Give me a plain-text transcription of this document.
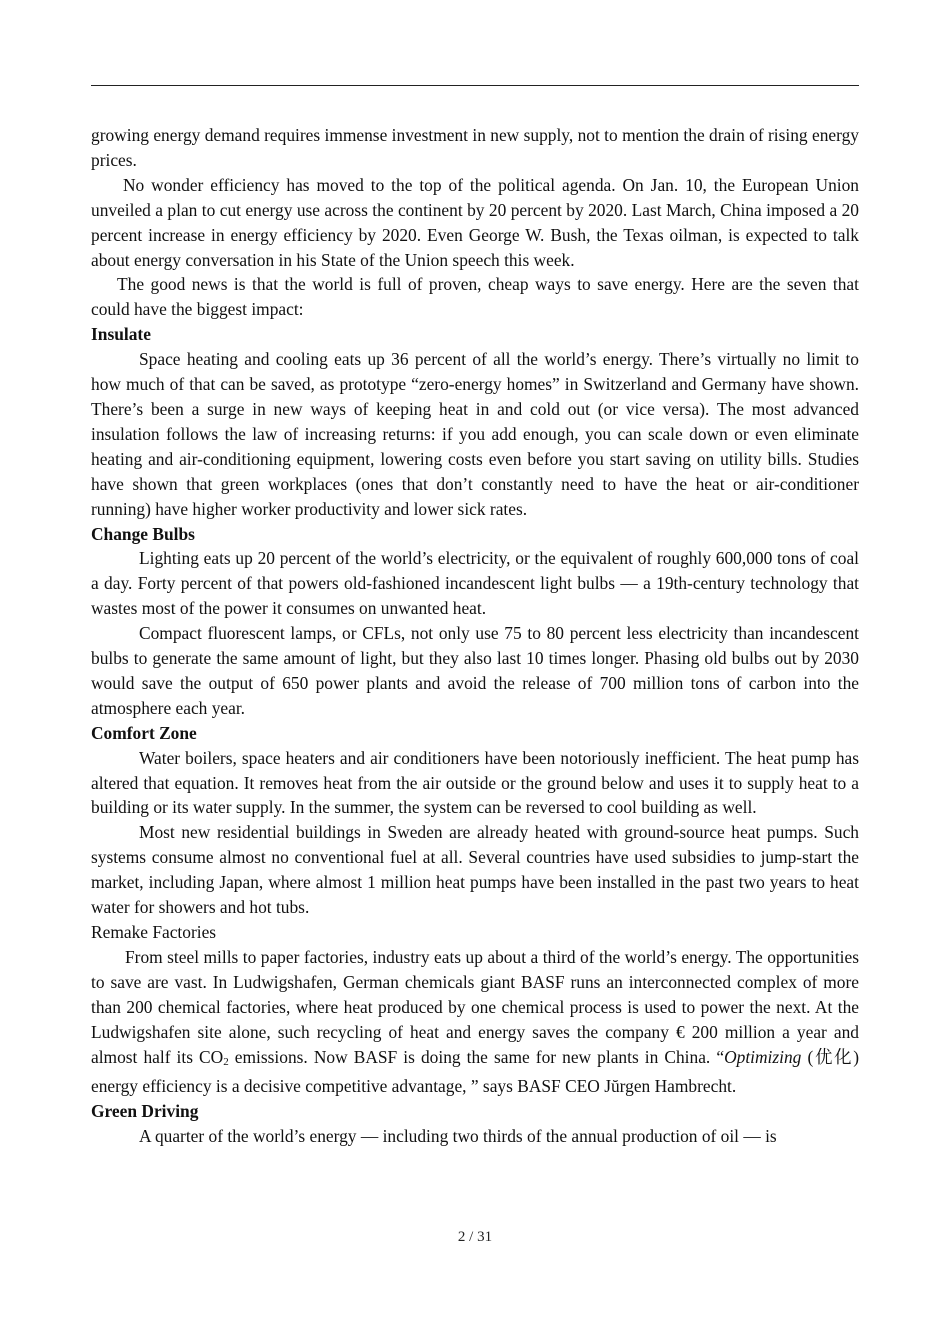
growing energy demand requires immense investment in new supply, not to mention the drain of rising energy prices.

No wonder efficiency has moved to the top of the political agenda. On Jan. 10, the European Union unveiled a plan to cut energy use across the continent by 20 percent by 2020. Last March, China imposed a 20 percent increase in energy efficiency by 2020. Even George W. Bush, the Texas oilman, is expected to talk about energy conversation in his State of the Union speech this week.

The good news is that the world is full of proven, cheap ways to save energy. Here are the seven that could have the biggest impact:

Insulate

Space heating and cooling eats up 36 percent of all the world’s energy. There’s virtually no limit to how much of that can be saved, as prototype “zero-energy homes” in Switzerland and Germany have shown. There’s been a surge in new ways of keeping heat in and cold out (or vice versa). The most advanced insulation follows the law of increasing returns: if you add enough, you can scale down or even eliminate heating and air-conditioning equipment, lowering costs even before you start saving on utility bills. Studies have shown that green workplaces (ones that don’t constantly need to have the heat or air-conditioner running) have higher worker productivity and lower sick rates.

Change Bulbs

Lighting eats up 20 percent of the world’s electricity, or the equivalent of roughly 600,000 tons of coal a day. Forty percent of that powers old-fashioned incandescent light bulbs — a 19th-century technology that wastes most of the power it consumes on unwanted heat.

Compact fluorescent lamps, or CFLs, not only use 75 to 80 percent less electricity than incandescent bulbs to generate the same amount of light, but they also last 10 times longer. Phasing old bulbs out by 2030 would save the output of 650 power plants and avoid the release of 700 million tons of carbon into the atmosphere each year.

Comfort Zone

Water boilers, space heaters and air conditioners have been notoriously inefficient. The heat pump has altered that equation. It removes heat from the air outside or the ground below and uses it to supply heat to a building or its water supply. In the summer, the system can be reversed to cool building as well.

Most new residential buildings in Sweden are already heated with ground-source heat pumps. Such systems consume almost no conventional fuel at all. Several countries have used subsidies to jump-start the market, including Japan, where almost 1 million heat pumps have been installed in the past two years to heat water for showers and hot tubs.

Remake Factories

From steel mills to paper factories, industry eats up about a third of the world’s energy. The opportunities to save are vast. In Ludwigshafen, German chemicals giant BASF runs an interconnected complex of more than 200 chemical factories, where heat produced by one chemical process is used to power the next. At the Ludwigshafen site alone, such recycling of heat and energy saves the company € 200 million a year and almost half its CO2 emissions. Now BASF is doing the same for new plants in China. “Optimizing (优化) energy efficiency is a decisive competitive advantage, ” says BASF CEO Jŭrgen Hambrecht.

Green Driving

A quarter of the world’s energy — including two thirds of the annual production of oil — is

2 / 31
